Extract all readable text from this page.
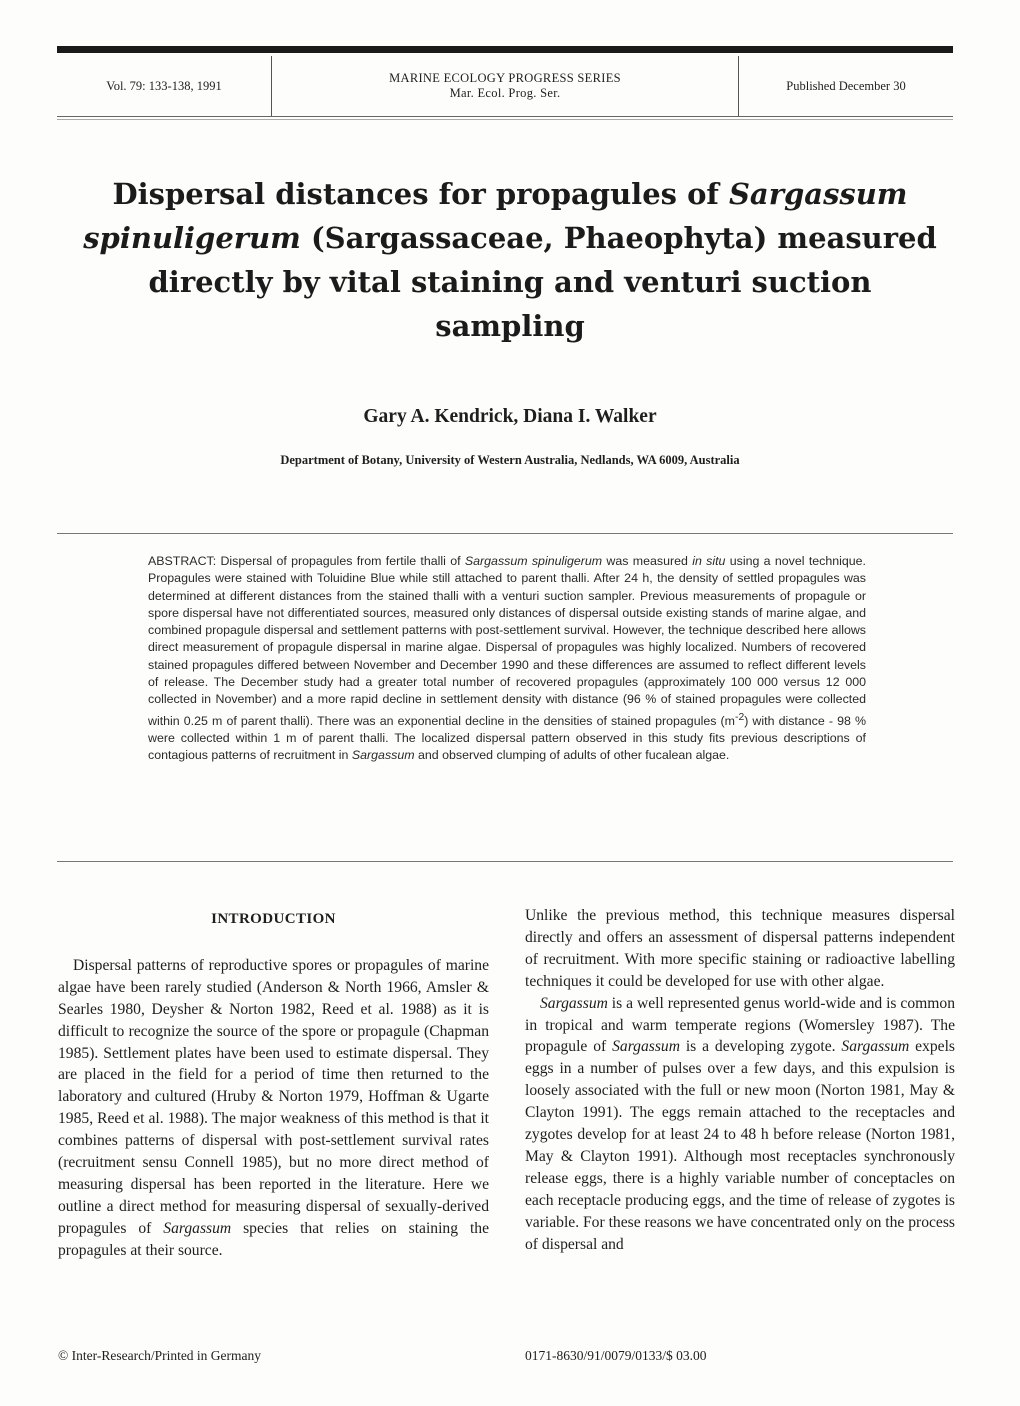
Vol. 79: 133-138, 1991
MARINE ECOLOGY PROGRESS SERIES
Mar. Ecol. Prog. Ser.
Published December 30
Dispersal distances for propagules of Sargassum
spinuligerum (Sargassaceae, Phaeophyta) measured directly by vital staining and venturi suction sampling
Gary A. Kendrick, Diana I. Walker
Department of Botany, University of Western Australia, Nedlands, WA 6009, Australia
ABSTRACT: Dispersal of propagules from fertile thalli of Sargassum spinuligerum was measured in situ using a novel technique. Propagules were stained with Toluidine Blue while still attached to parent thalli. After 24 h, the density of settled propagules was determined at different distances from the stained thalli with a venturi suction sampler. Previous measurements of propagule or spore dispersal have not differentiated sources, measured only distances of dispersal outside existing stands of marine algae, and combined propagule dispersal and settlement patterns with post-settlement survival. However, the technique described here allows direct measurement of propagule dispersal in marine algae. Dispersal of propagules was highly localized. Numbers of recovered stained propagules differed between November and December 1990 and these differences are assumed to reflect different levels of release. The December study had a greater total number of recovered propagules (approximately 100 000 versus 12 000 collected in November) and a more rapid decline in settlement density with distance (96 % of stained propagules were collected within 0.25 m of parent thalli). There was an exponential decline in the densities of stained propagules $(m^{-2})$ with distance - 98 % were collected within 1 m of parent thalli. The localized dispersal pattern observed in this study fits previous descriptions of contagious patterns of recruitment in Sargassum and observed clumping of adults of other fucalean algae.
INTRODUCTION

Dispersal patterns of reproductive spores or propagules of marine algae have been rarely studied (Anderson & North 1966, Amsler & Searles 1980, Deysher & Norton 1982, Reed et al. 1988) as it is difficult to recognize the source of the spore or propagule (Chapman 1985). Settlement plates have been used to estimate dispersal. They are placed in the field for a period of time then returned to the laboratory and cultured (Hruby & Norton 1979, Hoffman & Ugarte 1985, Reed et al. 1988). The major weakness of this method is that it combines patterns of dispersal with post-settlement survival rates (recruitment sensu Connell 1985), but no more direct method of measuring dispersal has been reported in the literature. Here we outline a direct method for measuring dispersal of sexually-derived propagules of Sargassum species that relies on staining the propagules at their source.

Unlike the previous method, this technique measures dispersal directly and offers an assessment of dispersal patterns independent of recruitment. With more specific staining or radioactive labelling techniques it could be developed for use with other algae.

Sargassum is a well represented genus world-wide and is common in tropical and warm temperate regions (Womersley 1987). The propagule of Sargassum is a developing zygote. Sargassum expels eggs in a number of pulses over a few days, and this expulsion is loosely associated with the full or new moon (Norton 1981, May & Clayton 1991). The eggs remain attached to the receptacles and zygotes develop for at least 24 to 48 h before release (Norton 1981, May & Clayton 1991). Although most receptacles synchronously release eggs, there is a highly variable number of conceptacles on each receptacle producing eggs, and the time of release of zygotes is variable. For these reasons we have concentrated only on the process of dispersal and

© Inter-Research/Printed in Germany	0171-8630/91/0079/0133/$ 03.00
